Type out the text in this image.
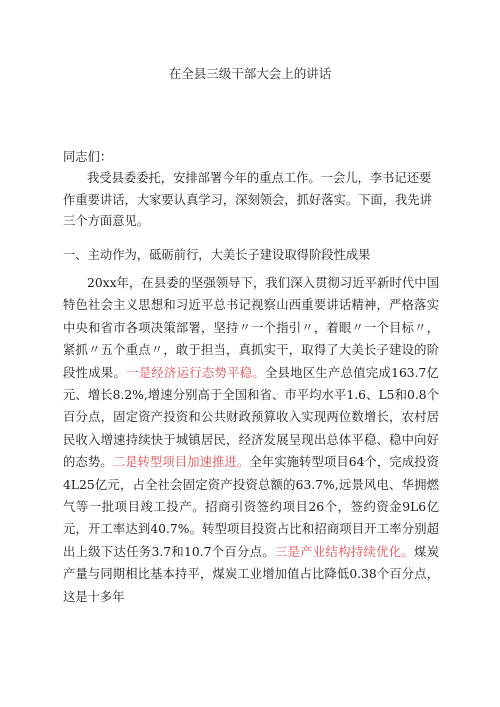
在全县三级干部大会上的讲话
同志们：
我受县委委托，安排部署今年的重点工作。一会儿，李书记还要作重要讲话，大家要认真学习，深刻领会，抓好落实。下面，我先讲三个方面意见。
一、主动作为，砥砺前行，大美长子建设取得阶段性成果
20xx年，在县委的坚强领导下，我们深入贯彻习近平新时代中国特色社会主义思想和习近平总书记视察山西重要讲话精神，严格落实中央和省市各项决策部署，坚持〃一个指引〃，着眼〃一个目标〃，紧抓〃五个重点〃，敢于担当，真抓实干，取得了大美长子建设的阶段性成果。一是经济运行态势平稳。全县地区生产总值完成163.7亿元、增长8.2%,增速分别高于全国和省、市平均水平1.6、L5和0.8个百分点，固定资产投资和公共财政预算收入实现两位数增长，农村居民收入增速持续快于城镇居民，经济发展呈现出总体平稳、稳中向好的态势。二是转型项目加速推进。全年实施转型项目64个，完成投资4L25亿元，占全社会固定资产投资总额的63.7%,远景风电、华拥燃气等一批项目竣工投产。招商引资签约项目26个，签约资金9L6亿元，开工率达到40.7%。转型项目投资占比和招商项目开工率分别超出上级下达任务3.7和10.7个百分点。三是产业结构持续优化。煤炭产量与同期相比基本持平，煤炭工业增加值占比降低0.38个百分点，这是十多年
